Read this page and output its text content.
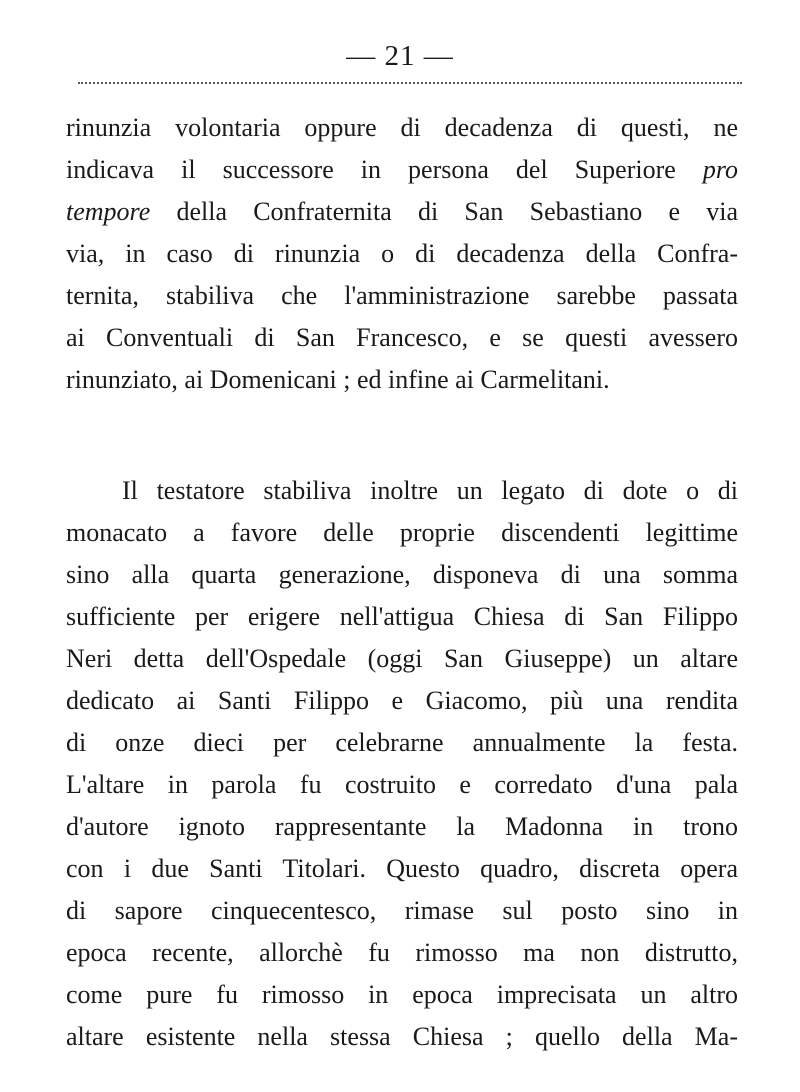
— 21 —
rinunzia volontaria oppure di decadenza di questi, ne
indicava il successore in persona del Superiore pro
tempore della Confraternita di San Sebastiano e via
via, in caso di rinunzia o di decadenza della Confra-
ternita, stabiliva che l'amministrazione sarebbe passata
ai Conventuali di San Francesco, e se questi avessero
rinunziato, ai Domenicani ; ed infine ai Carmelitani.
Il testatore stabiliva inoltre un legato di dote o di
monacato a favore delle proprie discendenti legittime
sino alla quarta generazione, disponeva di una somma
sufficiente per erigere nell'attigua Chiesa di San Filippo
Neri detta dell'Ospedale (oggi San Giuseppe) un altare
dedicato ai Santi Filippo e Giacomo, più una rendita
di onze dieci per celebrarne annualmente la festa.
L'altare in parola fu costruito e corredato d'una pala
d'autore ignoto rappresentante la Madonna in trono
con i due Santi Titolari. Questo quadro, discreta opera
di sapore cinquecentesco, rimase sul posto sino in
epoca recente, allorchè fu rimosso ma non distrutto,
come pure fu rimosso in epoca imprecisata un altro
altare esistente nella stessa Chiesa ; quello della Ma-
